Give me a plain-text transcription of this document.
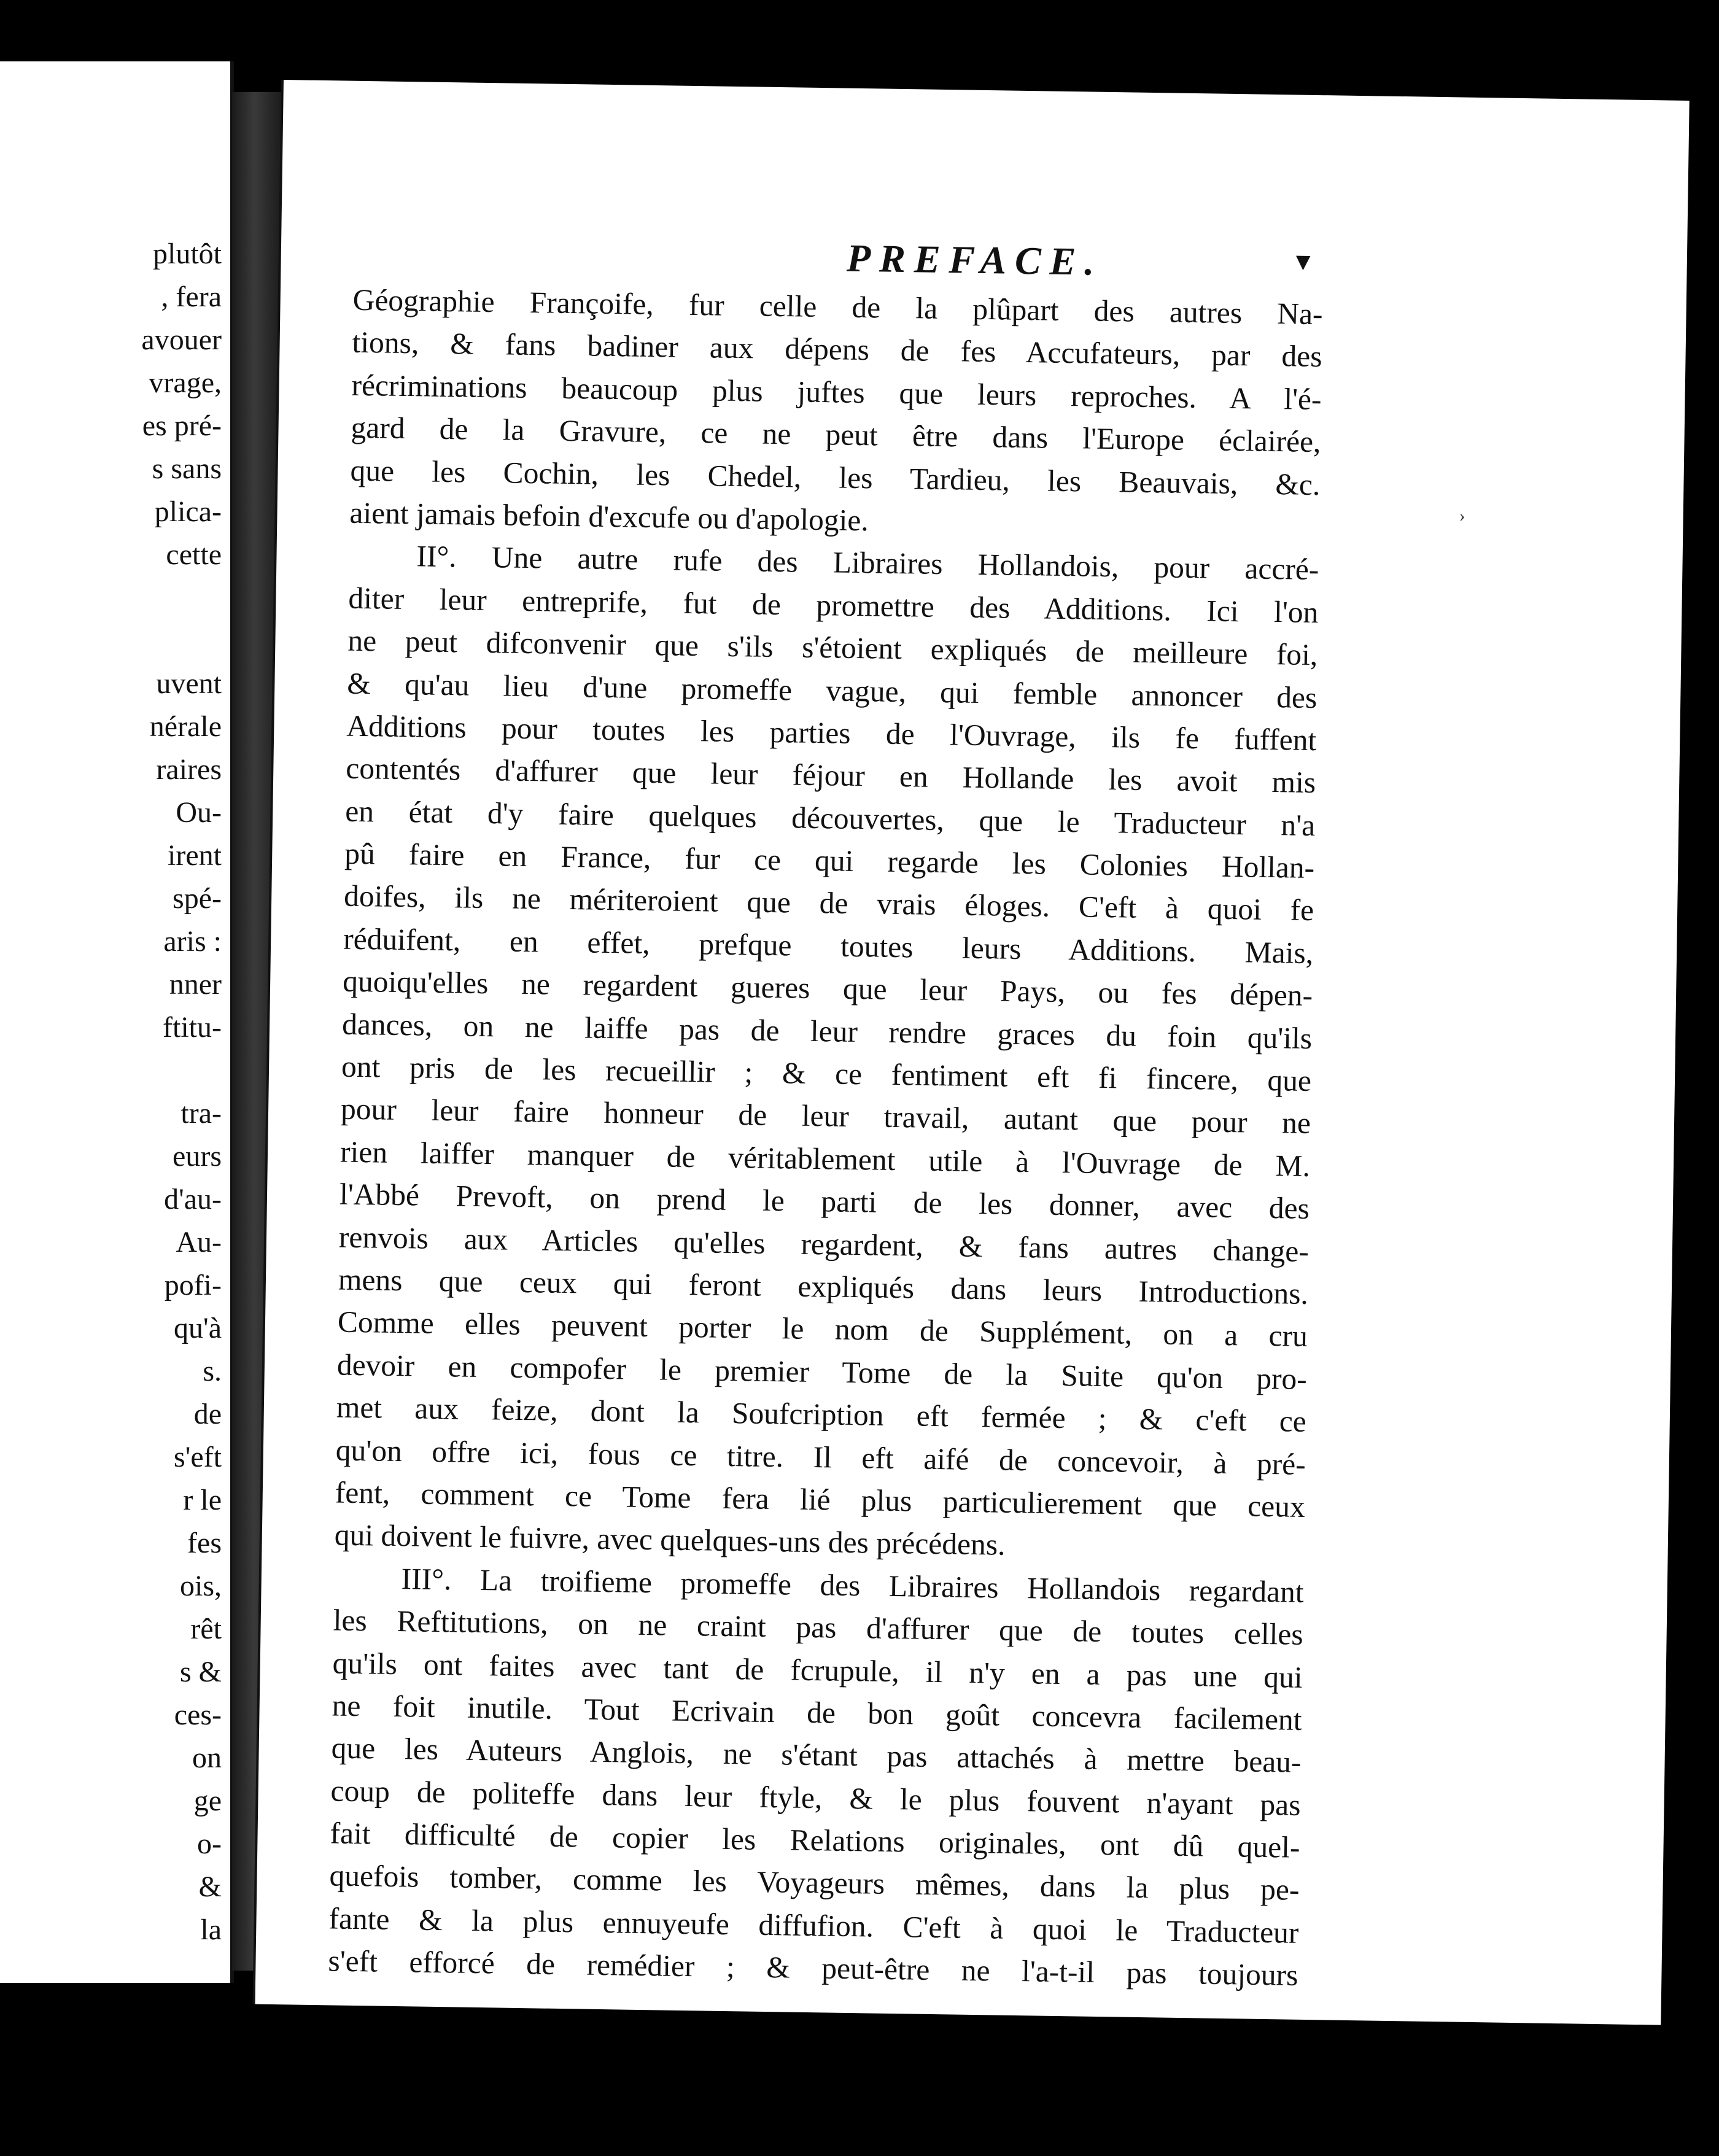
plutôt
, fera
avouer
vrage,
es pré-
s sans
plica-
cette
uvent
nérale
raires
Ou-
irent
spé-
aris :
nner
ftitu-
tra-
eurs
d'au-
Au-
pofi-
qu'à
s.
de
s'eft
r le
fes
ois,
rêt
s &
ces-
on
ge
o-
&
la
PREFACE.	▼
›
Géographie Françoife, fur celle de la plûpart des autres Na-
tions, & fans badiner aux dépens de fes Accufateurs, par des
récriminations beaucoup plus juftes que leurs reproches. A l'é-
gard de la Gravure, ce ne peut être dans l'Europe éclairée,
que les Cochin, les Chedel, les Tardieu, les Beauvais, &c.
aient jamais befoin d'excufe ou d'apologie.
II°. Une autre rufe des Libraires Hollandois, pour accré-
diter leur entreprife, fut de promettre des Additions. Ici l'on
ne peut difconvenir que s'ils s'étoient expliqués de meilleure foi,
& qu'au lieu d'une promeffe vague, qui femble annoncer des
Additions pour toutes les parties de l'Ouvrage, ils fe fuffent
contentés d'affurer que leur féjour en Hollande les avoit mis
en état d'y faire quelques découvertes, que le Traducteur n'a
pû faire en France, fur ce qui regarde les Colonies Hollan-
doifes, ils ne mériteroient que de vrais éloges. C'eft à quoi fe
réduifent, en effet, prefque toutes leurs Additions. Mais,
quoiqu'elles ne regardent gueres que leur Pays, ou fes dépen-
dances, on ne laiffe pas de leur rendre graces du foin qu'ils
ont pris de les recueillir ; & ce fentiment eft fi fincere, que
pour leur faire honneur de leur travail, autant que pour ne
rien laiffer manquer de véritablement utile à l'Ouvrage de M.
l'Abbé Prevoft, on prend le parti de les donner, avec des
renvois aux Articles qu'elles regardent, & fans autres change-
mens que ceux qui feront expliqués dans leurs Introductions.
Comme elles peuvent porter le nom de Supplément, on a cru
devoir en compofer le premier Tome de la Suite qu'on pro-
met aux feize, dont la Soufcription eft fermée ; & c'eft ce
qu'on offre ici, fous ce titre. Il eft aifé de concevoir, à pré-
fent, comment ce Tome fera lié plus particulierement que ceux
qui doivent le fuivre, avec quelques-uns des précédens.
III°. La troifieme promeffe des Libraires Hollandois regardant
les Reftitutions, on ne craint pas d'affurer que de toutes celles
qu'ils ont faites avec tant de fcrupule, il n'y en a pas une qui
ne foit inutile. Tout Ecrivain de bon goût concevra facilement
que les Auteurs Anglois, ne s'étant pas attachés à mettre beau-
coup de politeffe dans leur ftyle, & le plus fouvent n'ayant pas
fait difficulté de copier les Relations originales, ont dû quel-
quefois tomber, comme les Voyageurs mêmes, dans la plus pe-
fante & la plus ennuyeufe diffufion. C'eft à quoi le Traducteur
s'eft efforcé de remédier ; & peut-être ne l'a-t-il pas toujours
